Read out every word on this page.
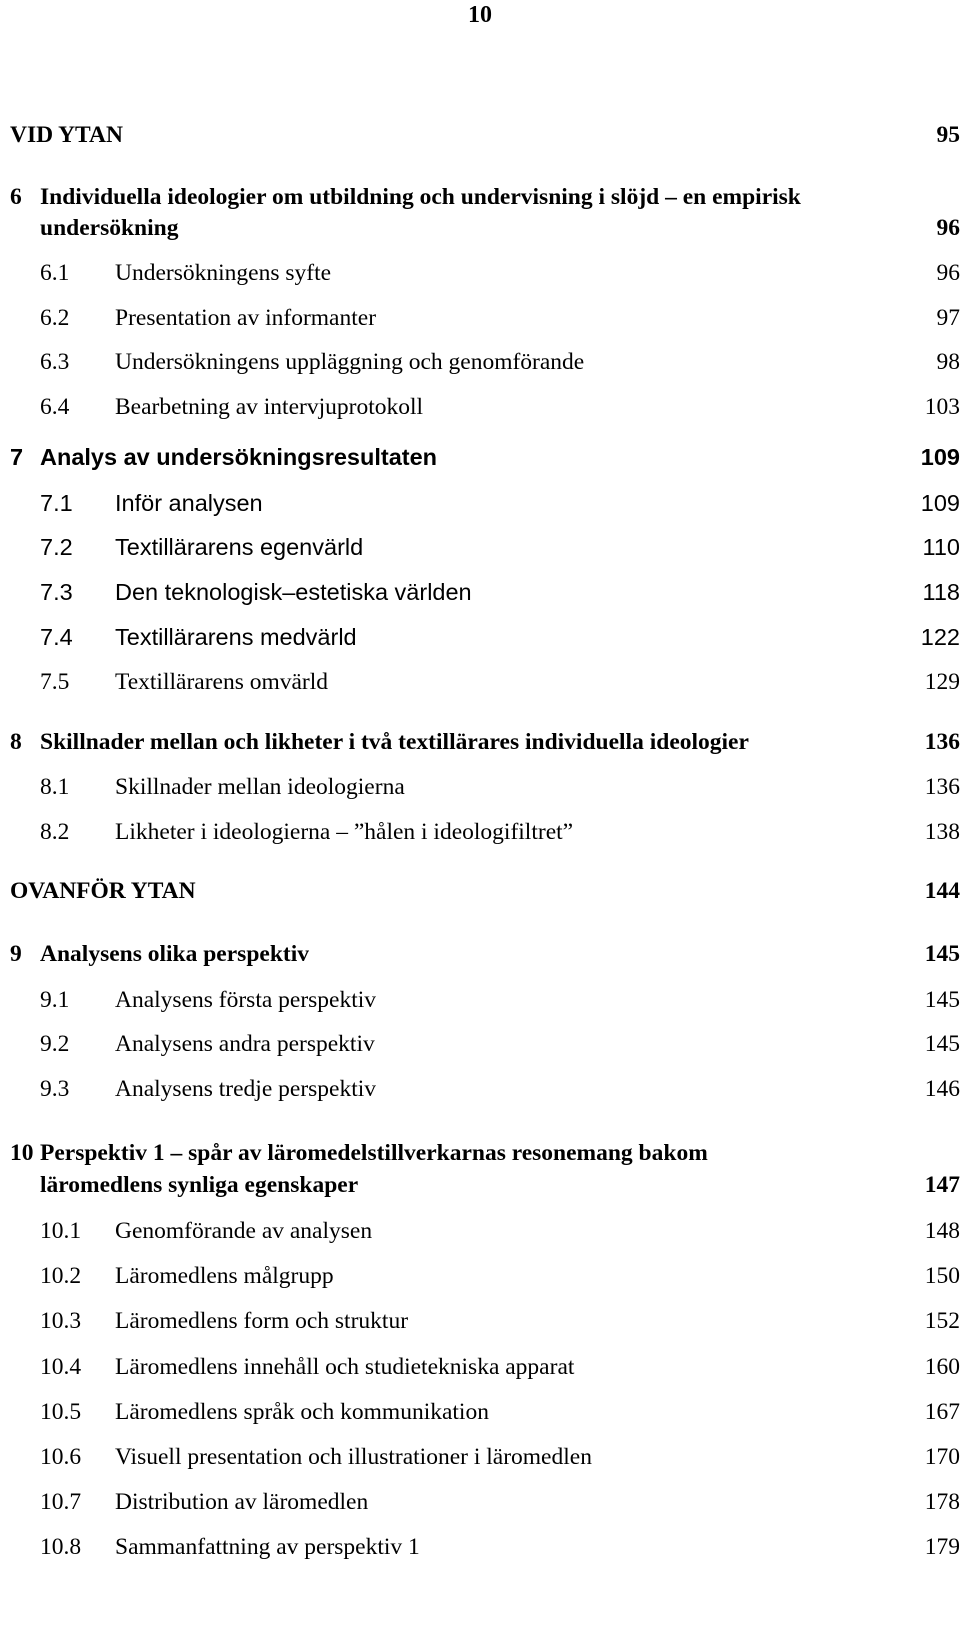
10
VID YTAN	95
6 Individuella ideologier om utbildning och undervisning i slöjd – en empirisk
undersökning	96
6.1 Undersökningens syfte	96
6.2 Presentation av informanter	97
6.3 Undersökningens uppläggning och genomförande	98
6.4 Bearbetning av intervjuprotokoll	103
7 Analys av undersökningsresultaten	109
7.1 Inför analysen	109
7.2 Textillärarens egenvärld	110
7.3 Den teknologisk–estetiska världen	118
7.4 Textillärarens medvärld	122
7.5 Textillärarens omvärld	129
8 Skillnader mellan och likheter i två textillärares individuella ideologier	136
8.1 Skillnader mellan ideologierna	136
8.2 Likheter i ideologierna – ”hålen i ideologifiltret”	138
OVANFÖR YTAN	144
9 Analysens olika perspektiv	145
9.1 Analysens första perspektiv	145
9.2 Analysens andra perspektiv	145
9.3 Analysens tredje perspektiv	146
10 Perspektiv 1 – spår av läromedelstillverkarnas resonemang bakom
läromedlens synliga egenskaper	147
10.1 Genomförande av analysen	148
10.2 Läromedlens målgrupp	150
10.3 Läromedlens form och struktur	152
10.4 Läromedlens innehåll och studietekniska apparat	160
10.5 Läromedlens språk och kommunikation	167
10.6 Visuell presentation och illustrationer i läromedlen	170
10.7 Distribution av läromedlen	178
10.8 Sammanfattning av perspektiv 1	179
